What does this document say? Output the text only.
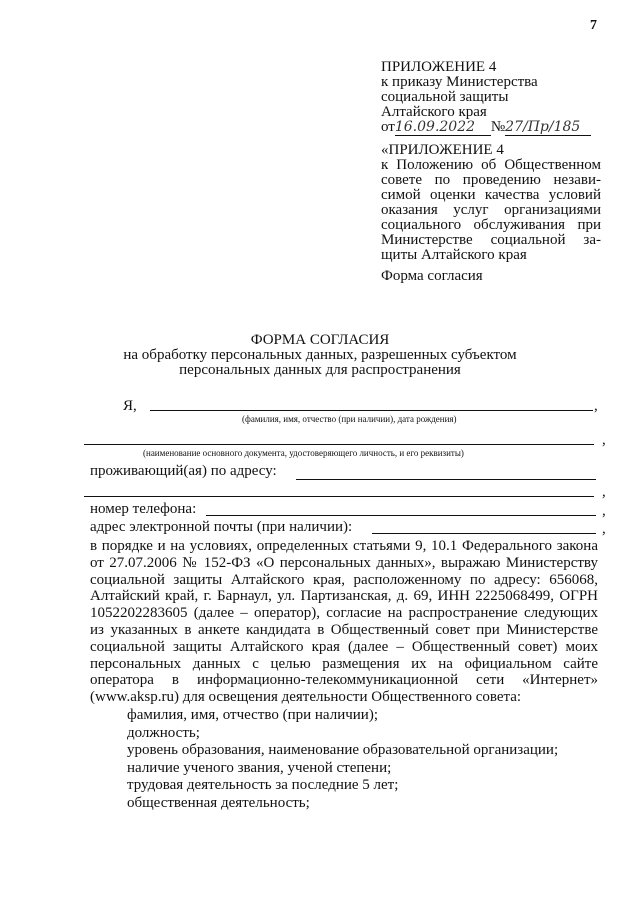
7
ПРИЛОЖЕНИЕ 4
к приказу Министерства
социальной защиты
Алтайского края
от16.09.2022 №27/Пр/185
«ПРИЛОЖЕНИЕ 4
к Положению об Общественном
совете по проведению незави-
симой оценки качества условий
оказания услуг организациями
социального обслуживания при
Министерстве социальной за-
щиты Алтайского края
Форма согласия
ФОРМА СОГЛАСИЯ
на обработку персональных данных, разрешенных субъектом
персональных данных для распространения
Я,	,
(фамилия, имя, отчество (при наличии), дата рождения)
,
(наименование основного документа, удостоверяющего личность, и его реквизиты)
проживающий(ая) по адресу:
,
номер телефона:	,
адрес электронной почты (при наличии):	,
в порядке и на условиях, определенных статьями 9, 10.1 Федерального закона от 27.07.2006 № 152-ФЗ «О персональных данных», выражаю Министерству социальной защиты Алтайского края, расположенному по адресу: 656068, Алтайский край, г. Барнаул, ул. Партизанская, д. 69, ИНН 2225068499, ОГРН 1052202283605 (далее – оператор), согласие на распространение следующих из указанных в анкете кандидата в Общественный совет при Министерстве социальной защиты Алтайского края (далее – Общественный совет) моих персональных данных с целью размещения их на официальном сайте оператора в информационно-телекоммуникационной сети «Интернет» (www.aksp.ru) для освещения деятельности Общественного совета:
фамилия, имя, отчество (при наличии);
должность;
уровень образования, наименование образовательной организации;
наличие ученого звания, ученой степени;
трудовая деятельность за последние 5 лет;
общественная деятельность;
